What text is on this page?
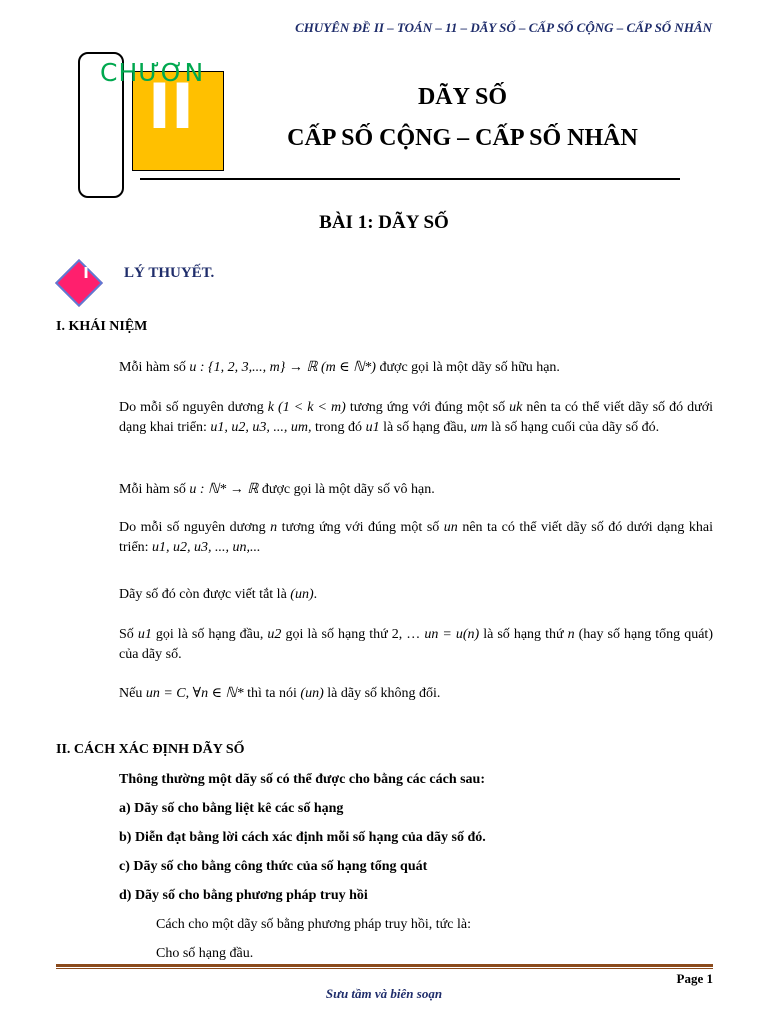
CHUYÊN ĐỀ II – TOÁN – 11 – DÃY SỐ – CẤP SỐ CỘNG – CẤP SỐ NHÂN
II
CHƯƠN
DÃY SỐ
CẤP SỐ CỘNG – CẤP SỐ NHÂN
BÀI 1: DÃY SỐ
I	LÝ THUYẾT.
I. KHÁI NIỆM
Mỗi hàm số u : {1, 2, 3,..., m} → ℝ (m ∈ ℕ*) được gọi là một dãy số hữu hạn.
Do mỗi số nguyên dương k (1 < k < m) tương ứng với đúng một số uk nên ta có thể viết dãy số đó dưới dạng khai triển: u1, u2, u3, ..., um, trong đó u1 là số hạng đầu, um là số hạng cuối của dãy số đó.
Mỗi hàm số u : ℕ* → ℝ được gọi là một dãy số vô hạn.
Do mỗi số nguyên dương n tương ứng với đúng một số un nên ta có thể viết dãy số đó dưới dạng khai triển: u1, u2, u3, ..., un,...
Dãy số đó còn được viết tắt là (un).
Số u1 gọi là số hạng đầu, u2 gọi là số hạng thứ 2, … un = u(n) là số hạng thứ n (hay số hạng tổng quát) của dãy số.
Nếu un = C, ∀n ∈ ℕ* thì ta nói (un) là dãy số không đổi.
II. CÁCH XÁC ĐỊNH DÃY SỐ
Thông thường một dãy số có thể được cho bằng các cách sau:
a) Dãy số cho bằng liệt kê các số hạng
b) Diễn đạt bằng lời cách xác định mỗi số hạng của dãy số đó.
c) Dãy số cho bằng công thức của số hạng tổng quát
d) Dãy số cho bằng phương pháp truy hồi
Cách cho một dãy số bằng phương pháp truy hồi, tức là:
Cho số hạng đầu.
Page 1
Sưu tầm và biên soạn
